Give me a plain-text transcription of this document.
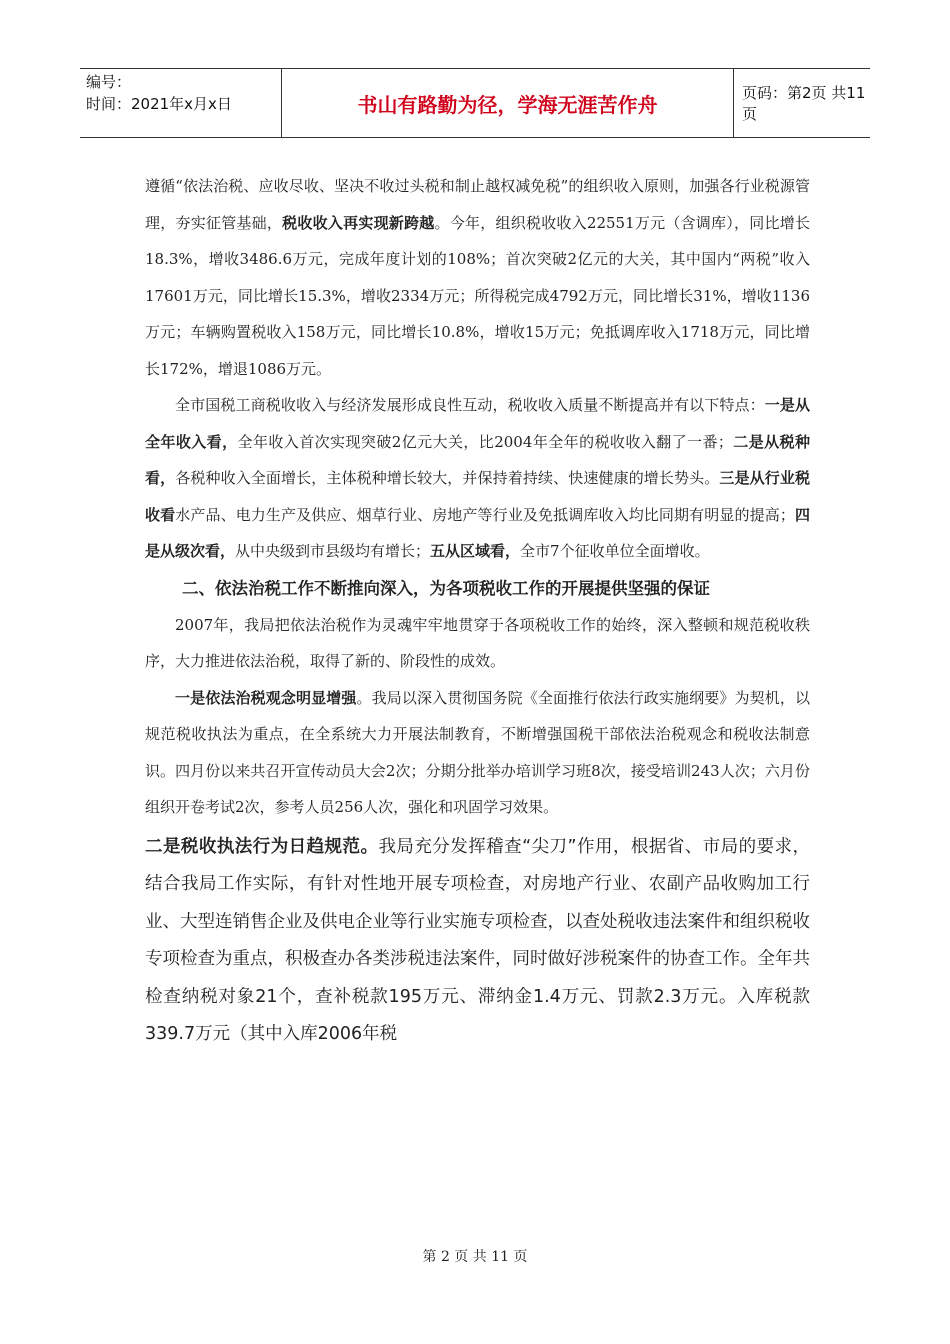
编号：
时间：2021年x月x日	书山有路勤为径，学海无涯苦作舟	页码：第2页 共11页

遵循“依法治税、应收尽收、坚决不收过头税和制止越权减免税”的组织收入原则，加强各行业税源管理，夯实征管基础，税收收入再实现新跨越。今年，组织税收收入22551万元（含调库），同比增长18.3%，增收3486.6万元，完成年度计划的108%；首次突破2亿元的大关，其中国内“两税”收入17601万元，同比增长15.3%，增收2334万元；所得税完成4792万元，同比增长31%，增收1136万元；车辆购置税收入158万元，同比增长10.8%，增收15万元；免抵调库收入1718万元，同比增长172%，增退1086万元。

全市国税工商税收收入与经济发展形成良性互动，税收收入质量不断提高并有以下特点：一是从全年收入看，全年收入首次实现突破2亿元大关，比2004年全年的税收收入翻了一番；二是从税种看，各税种收入全面增长，主体税种增长较大，并保持着持续、快速健康的增长势头。三是从行业税收看水产品、电力生产及供应、烟草行业、房地产等行业及免抵调库收入均比同期有明显的提高；四是从级次看，从中央级到市县级均有增长；五从区域看，全市7个征收单位全面增收。

二、依法治税工作不断推向深入，为各项税收工作的开展提供坚强的保证

2007年，我局把依法治税作为灵魂牢牢地贯穿于各项税收工作的始终，深入整顿和规范税收秩序，大力推进依法治税，取得了新的、阶段性的成效。

一是依法治税观念明显增强。我局以深入贯彻国务院《全面推行依法行政实施纲要》为契机，以规范税收执法为重点，在全系统大力开展法制教育，不断增强国税干部依法治税观念和税收法制意识。四月份以来共召开宣传动员大会2次；分期分批举办培训学习班8次，接受培训243人次；六月份组织开卷考试2次，参考人员256人次，强化和巩固学习效果。

二是税收执法行为日趋规范。我局充分发挥稽查“尖刀”作用，根据省、市局的要求，结合我局工作实际，有针对性地开展专项检查，对房地产行业、农副产品收购加工行业、大型连销售企业及供电企业等行业实施专项检查，以查处税收违法案件和组织税收专项检查为重点，积极查办各类涉税违法案件，同时做好涉税案件的协查工作。全年共检查纳税对象21个，查补税款195万元、滞纳金1.4万元、罚款2.3万元。入库税款339.7万元（其中入库2006年税

第 2 页 共 11 页
